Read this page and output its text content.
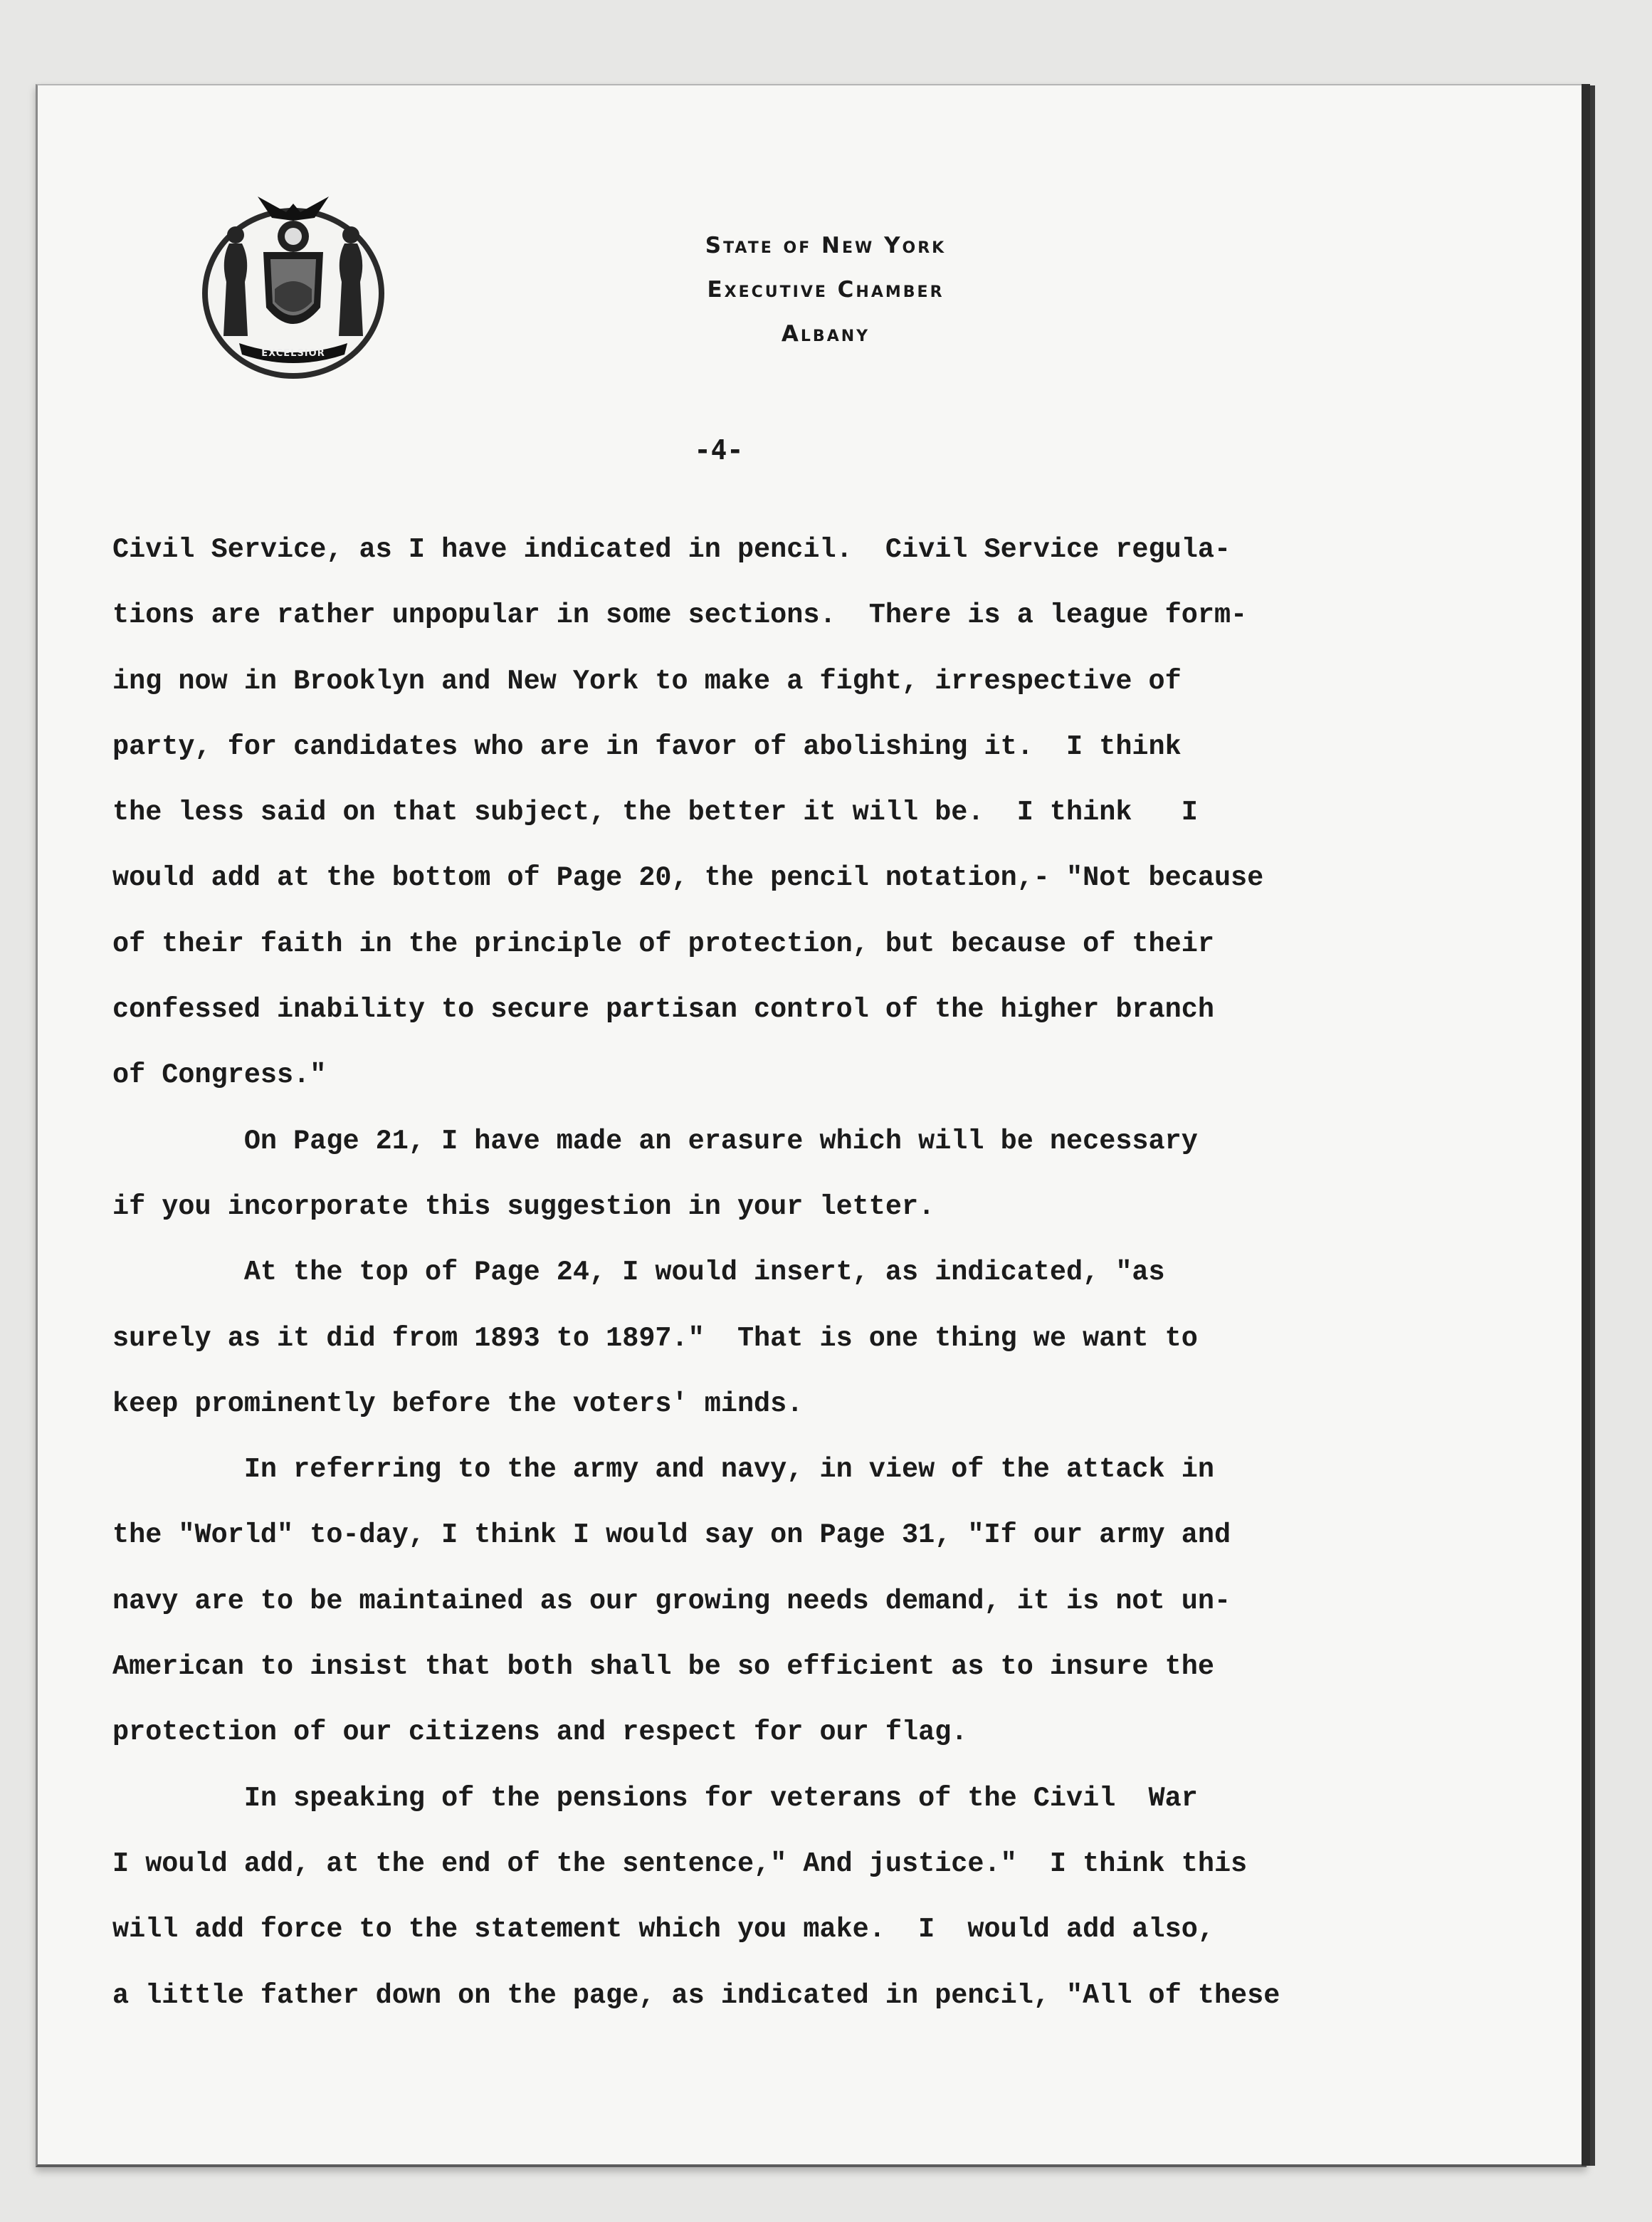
EXCELSIOR
State of New York
Executive Chamber
Albany
-4-
Civil Service, as I have indicated in pencil.  Civil Service regula-
tions are rather unpopular in some sections.  There is a league form-
ing now in Brooklyn and New York to make a fight, irrespective of
party, for candidates who are in favor of abolishing it.  I think
the less said on that subject, the better it will be.  I think   I
would add at the bottom of Page 20, the pencil notation,- "Not because
of their faith in the principle of protection, but because of their
confessed inability to secure partisan control of the higher branch
of Congress."
On Page 21, I have made an erasure which will be necessary
if you incorporate this suggestion in your letter.
At the top of Page 24, I would insert, as indicated, "as
surely as it did from 1893 to 1897."  That is one thing we want to
keep prominently before the voters' minds.
In referring to the army and navy, in view of the attack in
the "World" to-day, I think I would say on Page 31, "If our army and
navy are to be maintained as our growing needs demand, it is not un-
American to insist that both shall be so efficient as to insure the
protection of our citizens and respect for our flag.
In speaking of the pensions for veterans of the Civil  War
I would add, at the end of the sentence," And justice."  I think this
will add force to the statement which you make.  I  would add also,
a little father down on the page, as indicated in pencil, "All of these
